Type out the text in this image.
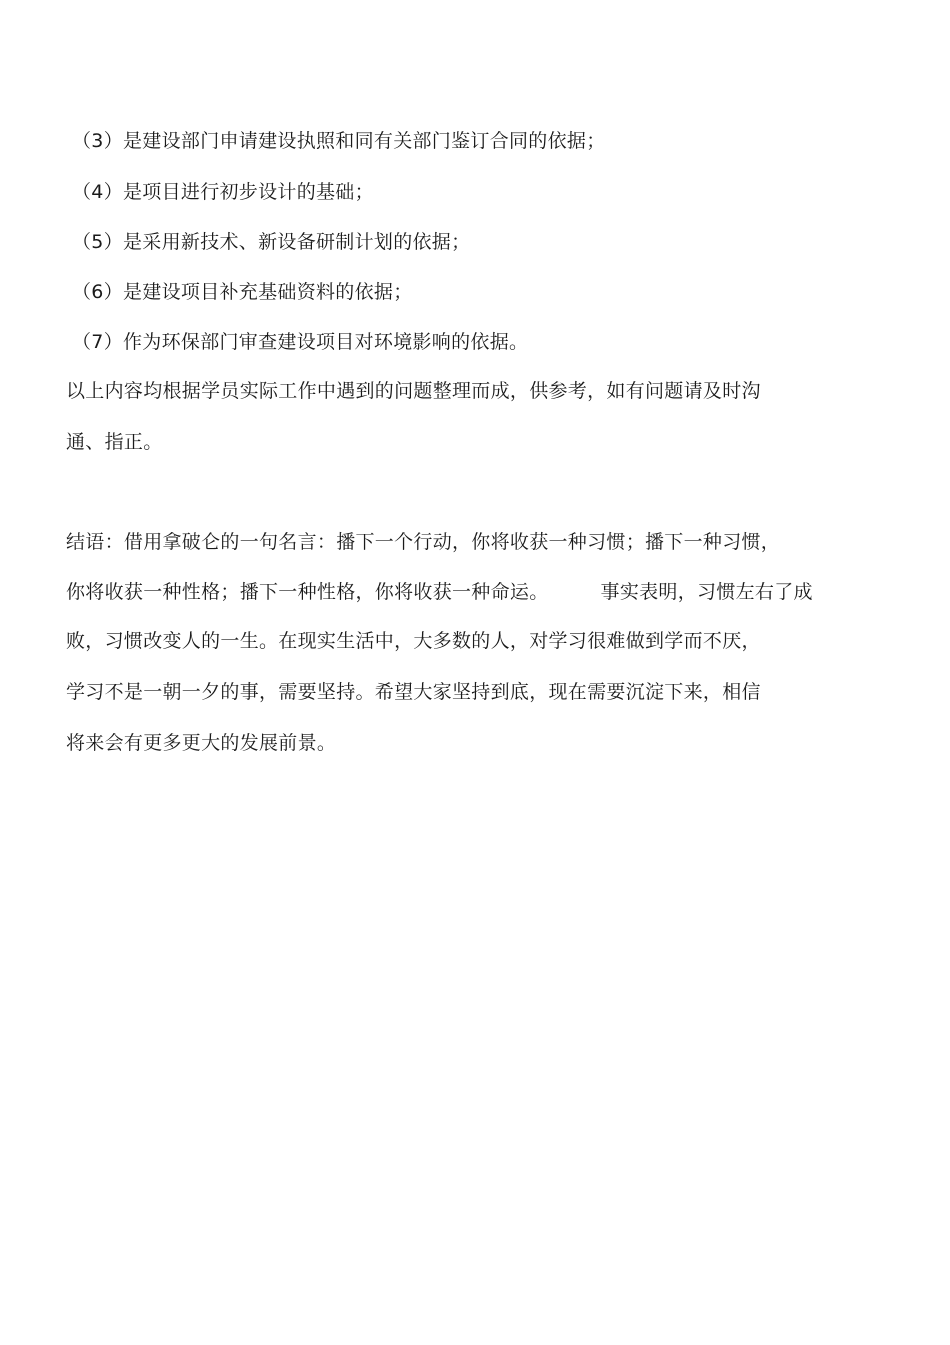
（3）是建设部门申请建设执照和同有关部门鉴订合同的依据；
（4）是项目进行初步设计的基础；
（5）是采用新技术、新设备研制计划的依据；
（6）是建设项目补充基础资料的依据；
（7）作为环保部门审查建设项目对环境影响的依据。
以上内容均根据学员实际工作中遇到的问题整理而成，供参考，如有问题请及时沟
通、指正。
结语：借用拿破仑的一句名言：播下一个行动，你将收获一种习惯；播下一种习惯，
你将收获一种性格；播下一种性格，你将收获一种命运。	事实表明，习惯左右了成
败，习惯改变人的一生。在现实生活中，大多数的人，对学习很难做到学而不厌，
学习不是一朝一夕的事，需要坚持。希望大家坚持到底，现在需要沉淀下来，相信
将来会有更多更大的发展前景。
